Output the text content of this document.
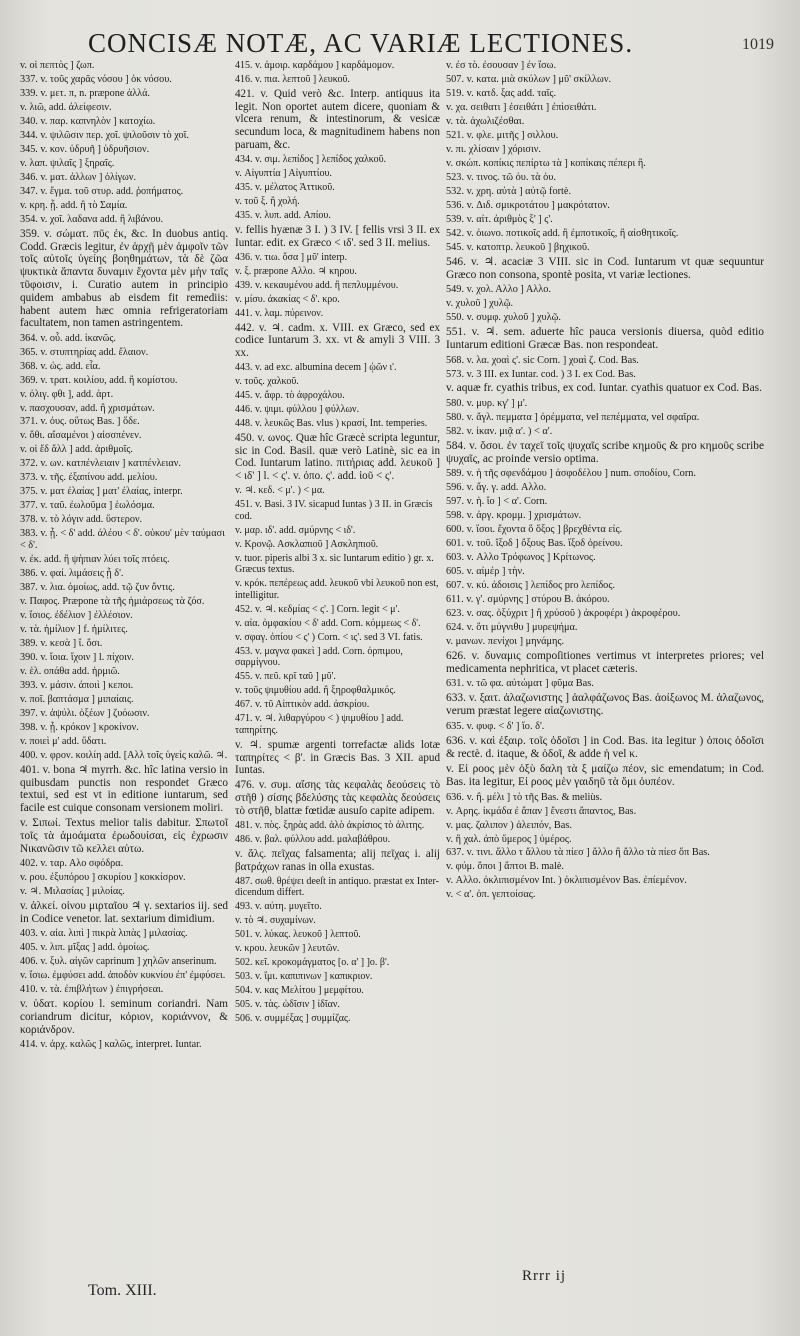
CONCISÆ NOTÆ, AC VARIÆ LECTIONES.	1019

v. οἱ πεπτὸς ] ζωπ.

337. v. τοῦς χαρᾶς νόσου ] ὁκ νόσου.

339. v. μετ. π, n. præpone ἀλλά.

v. λιῶ, add. ἀλείφεσιν.

340. v. παρ. καπνηλὸν ] κατοχίω.

344. v. ψιλῶσιν περ. χοῖ. ψιλοῦσιν τὸ χοῖ.

345. v. κον. ὑδρυῆ ] ὑδρυῆσιον.

v. λαπ. ψιλαῖς ] ξηραῖς.

346. v. ματ. ἀλλων ] ὀλίγων.

347. v. ἔγμα. τοῦ στυρ. add. ῥοπήματος.

v. κρη. ᾖ. add. ἢ τὸ Σαμία.

354. v. χοῖ. λαδανα add. ἢ λιβάνου.

359. v. σώματ. πῦς ἐκ, &c. In duobus antiq. Codd. Græcis legitur, ἐν ἀρχῇ μὲν ἀμφοῖν τῶν τοῖς αὐτοῖς ὑγείης βοηθημάτων, τὰ δὲ ζῶα ψυκτικὰ ἅπαντα δυναμιν ἔχοντα μὲν μὴν ταῖς τῦφοισιν, i. Curatio autem in principio quidem ambabus ab eisdem fit remediis: habent autem hæc omnia refrigeratoriam facultatem, non tamen astringentem.

364. v. οὗ. add. ἱκανῶς.

365. v. στυπτηρίας add. ἔλαιον.

368. v. ὡς. add. εἶα.

369. v. τρατ. κοιλίου, add. ἢ κομίστου.

v. ὀλιγ. φθι ], add. ἀρτ.

v. πασχουσαν, add. ἢ χρισμάτων.

371. v. ὀυς. οὕτως Bas. ] ὅδε.

v. ὅθι. αἴσαμένοι ) αἰσσπένεν.

v. οἱ ἔδ ἄλλ ] add. ἀριθμοῖς.

372. v. ων. κατπένλειαιν ] κατπένλειαν.

373. v. τῆς. ἐξαπίνου add. μελίου.

375. v. ματ ἐλαίας ] ματ' ἐλαίας, interpr.

377. v. ταῦ. ἐωλοῦμα ] ἑωλόσμα.

378. v. τὸ λόγιν add. ὕστερον.

383. v. ᾖ. < δ' add. ἀλέου < δ'. οὐκου' μὲν ταύμασι < δ'.

v. ἐκ. add. ἢ ψὴπιαν λύει τοῖς πτόεις.

386. v. φαί. λιμάσεις ᾗ δ'.

387. v. λια. ὁμοίως, add. τῷ ζυν ὄντις.

v. Παφος. Præpone τὰ τῆς ἡμιάρσεως τὰ ζόσ.

v. ἴσιος. ἐδέλιον ] ἐλλέσιον.

v. τὰ. ἡμίλιον ] f. ἡμίλιτες.

389. v. κεσὰ ] ἴ. ὅσι.

390. v. ἴοια. ἴχοιν ] l. πίχοιν.

v. ἑλ. οπάθα add. ἡρμιῶ.

393. v. μάσιν. ἀποιὶ ] κεποι.

v. ποῖ. βαπτάσμα ] μιπαίαις.

397. v. ἀψύλι. ὀξέων ] ζυόωσιν.

398. v. ᾖ. κρόκον ] κροκίνον.

v. ποιεὶ μ' add. ὕδατι.

400. v. φρον. κοιλίη add. [Αλλ τοῖς ὑγείς καλῶ. ♃.

401. v. bona ♃ myrrh. &c. hîc latina versio in quibusdam punctis non respondet Græco textui, sed est vt in editione iuntarum, sed facile est cuique consonam versionem moliri.

v. Σιπωί. Textus melior talis dabitur. Σπωτοῖ τοῖς τὰ ἀμοάματα ἐρωδουίσαι, εἰς ἐχρωσιν Νικανῶσιν τῶ κελλει αὐτω.

402. v. ταρ. Αλο σφόδρα.

v. ρου. ἐξυπόρου ] σκυρίου ] κοκκίσρον.

v. ♃. Μιλασίας ] μιλοίας.

v. ἀλκεί. οἰνου μιρταῖου ♃ γ. sextarios iij. sed in Codice venetor. lat. sextarium dimidium.

403. v. αἰα. λιπὶ ] πικρὰ λιπὰς ] μιλασίας.

405. v. λιπ. μῖξας ] add. ὁμοίως.

406. v. ξυλ. αἰγῶν caprinum ] χηλῶν anserinum.

v. ἴσιω. ἐμφύσει add. ἀποδὸν κυκνίου ἐπ' ἐμφύσει.

410. v. τὰ. ἐπιβλήτων ) ἐπιγρήσεαι.

v. ὑδατ. κορίου l. seminum coriandri. Nam coriandrum dicitur, κόριον, κοριάννον, & κοριάνδρον.

414. v. ἀρχ. καλῶς ] καλῶς, interpret. Iuntar.

415. v. ἀμοιρ. καρδάμου ] καρδάμομον.

416. v. πια. λεπτοῦ ] λευκοῦ.

421. v. Quid verò &c. Interp. antiquus ita legit. Non oportet autem dicere, quoniam & vlcera renum, & intestinorum, & vesicæ secundum loca, & magnitudinem habens non paruam, &c.

434. v. σιμ. λεπίδος ] λεπίδος χαλκοῦ.

v. Αἰγυπτία ] Αἰγυπτίου.

435. v. μέλατος Ἀττικοῦ.

v. τοῦ ξ. ἢ χολή.

435. v. λυπ. add. Απίου.

v. fellis hyænæ 3 I. ) 3 IV. [ fellis vrsi 3 II. ex Iuntar. edit. ex Græco < ιδ'. sed 3 II. melius.

436. v. τιω. ὅσα ] μῦ' interp.

v. ξ. præpone Αλλο. ♃ κηρου.

439. v. κεκαυμένου add. ἢ πεπλυμμένου.

v. μίσυ. ἀκακίας < δ'. κρο.

441. v. λαμ. πύρεινον.

442. v. ♃. cadm. x. VIII. ex Græco, sed ex codice Iuntarum 3. xx. vt & amyli 3 VIII. 3 xx.

443. v. ad exc. albumina decem ] ᾠῶν ι'.

v. τοῦς. χαλκοῦ.

445. v. ἄφρ. τὸ ἀφροχάλου.

446. v. ψιμι. φύλλου ] φύλλων.

448. v. λευκῶς Bas. vlus ) κρασί, Int. temperies.

450. v. ωνος. Quæ hîc Græcè scripta leguntur, sic in Cod. Basil. quæ verò Latinè, sic ea in Cod. Iuntarum latino. πιτήριας add. λευκοῦ ] < ιδ' ] l. < ς'. v. ὀπο. ς'. add. ἰοῦ < ς'.

v. ♃. κεδ. < μ'. ) < μα.

451. v. Basi. 3 IV. sicapud Iuntas ) 3 II. in Græcis cod.

v. μαρ. ιδ'. add. σμύρνης < ιδ'.

v. Κρονῷ. Ασκλαπιοῦ ] Ασκληπιοῦ.

v. tuor. piperis albi 3 x. sic Iuntarum editio ) gr. x. Græcus textus.

v. κρόκ. πεπέρεως add. λευκοῦ vbi λευκοῦ non est, intelligitur.

452. v. ♃. κεδμίας < ς'. ] Corn. legit < μ'.

v. αἰα. ὀμφακίου < δ' add. Corn. κόμμεως < δ'.

v. σφαγ. ὀπίου < ς' ) Corn. < ις'. sed 3 VI. fatis.

453. v. μαγνα φακεὶ ] add. Corn. ὀρπιμου, σαρμίγνου.

455. v. πεῦ. κρῖ ταῦ ] μῦ'.

v. τοῦς ψιμυθίου add. ἢ ξηροφθαλμικός.

467. v. τῦ Αἰπτικὸν add. ἀσκρίου.

471. v. ♃. λιθαργύρου < ) ψιμυθίου ] add. ταπηρίτης.

v. ♃. spumæ argenti torrefactæ alids lotæ ταπηρίτες < β'. in Græcis Bas. 3 XII. apud Iuntas.

476. v. συμ. αἴσης τὰς κεφαλὰς δεούσεις τὸ στῆθ ) σίσης βδελύσης τὰς κεφαλὰς δεούσεις τὸ στῆθ, blattæ fœtidæ ausuſo capite adipem.

481. v. πὸς. ξηρὰς add. ἀλὸ ἀκρίσιος τὸ ἀλιτης.

486. v. βαλ. φύλλου add. μαλαβάθρου.

v. ἄλς. πεῖχας falsamenta; alij πεῖχας i. alij βατράχων ranas in olla exustas.

487. σωθ. θρέψει deeſt in antiquo. præstat ex Inter-dicendum differt.

493. v. αὐτη. μυγεῖτο.

v. τὸ ♃. συχαμίνων.

501. v. λύκας. λευκοῦ ] λεπτοῦ.

v. κρου. λευκῶν ] λευτῶν.

502. κεῖ. κροκομάγματος [ο. α' ] ]ο. β'.

503. v. ἴμι. καπιπινων ] καπικριον.

504. v. κας Μελίτου ] μεμφίτου.

505. v. τὰς. ὠδῖσιν ] ἰδῖαν.

506. v. συμμέξας ] συμμίζας.

v. ἐσ τὸ. ἐσουσαν ] ἐν ἴσω.

507. v. κατα. μιὰ σκύλων ] μῦ' σκίλλων.

519. v. κατδ. ξας add. ταῖς.

v. χα. σειθατι ] ἐσειθάτι ] ἐπὶσειθάτι.

v. τὰ. ἀχωλιζέσθαι.

521. v. φλε. μιτῆς ] σιλλου.

v. πι. χλίσαιν ] χόρισιν.

v. σκώπ. κοπίκις πεπίρτω τὰ ] κοπίκαις πέπερι ἢ.

523. v. τινος. τῶ ὀυ. τὰ ὀυ.

532. v. χρη. αὐτὰ ] αὐτῷ fortè.

536. v. Διδ. σμικροτάτου ] μακρότατον.

539. v. αἰτ. ἀριθμὸς ξ' ] ς'.

542. v. ὀιωνο. ποτικοῖς add. ἢ ἐμποτικοῖς, ἢ αἰσθητικοῖς.

545. v. κατοπτρ. λευκοῦ ] βηχικοῦ.

546. v. ♃. acaciæ 3 VIII. sic in Cod. Iuntarum vt quæ sequuntur Græco non consona, spontè posita, vt variæ lectiones.

549. v. χολ. Αλλο ] Αλλο.

v. χυλοῦ ] χυλῷ.

550. v. συμφ. χυλοῦ ] χυλῷ.

551. v. ♃. sem. aduerte hîc pauca versionis diuersa, quòd editio Iuntarum editioni Græcæ Bas. non respondeat.

568. v. λα. χοαὶ ς'. sic Corn. ] χοαὶ ζ. Cod. Bas.

573. v. 3 III. ex Iuntar. cod. ) 3 I. ex Cod. Bas.

v. aquæ fr. cyathis tribus, ex cod. Iuntar. cyathis quatuor ex Cod. Bas.

580. v. μυρ. κγ' ] μ'.

580. v. ἄγλ. πεμματα ] ὀρέμματα, vel πεπέμματα, vel σφαῖρα.

582. v. ἰκαν. μιᾷ α'. ) < α'.

584. v. ὄσοι. ἐν ταχεῖ τοῖς ψυχαῖς scribe κημοῦς & pro κημοῦς scribe ψυχαῖς, ac proinde versio optima.

589. v. ἡ τῆς σφενδάμου ] ἀσφοδέλου ] num. σποδίου, Corn.

596. v. ἄγ. γ. add. Αλλο.

597. v. ἡ. ἴο ] < α'. Corn.

598. v. ἀργ. κρομμ. ] χρισμάτων.

600. v. ἴσοι. ἔχοντα ὅ ὅξος ] βρεχθέντα εἰς.

601. v. τοῦ. ἴξοδ ] ὄξους Bas. ἴξοδ ὀρείνου.

603. v. Αλλο Τρόφωνος ] Κρίτωνος.

605. v. αἰμέρ ] τὴν.

607. v. κύ. ἀδοισις ] λεπίδος pro λεπίδος.

611. v. γ'. σμύρνης ] στύρου B. ἀκόρου.

623. v. σας. ὀξύχριτ ] ἢ χρύσοῦ ) ἀκροφέρι ) ἀκροφέρου.

624. v. ὅτι μύγνιθυ ] μυρεψήμα.

v. μανων. πενίχοι ] μηνάμης.

626. v. δυναμις compoſitiones vertimus vt interpretes priores; vel medicamenta nephritica, vt placet cæteris.

631. v. τῶ φα. αὐτώματ ] φῦμα Bas.

633. v. ξαιτ. ἀλαζωνιστης ] ἀαλφάζωνος Bas. ἀοίξωνος M. ἀλαζωνος, verum præstat legere αἰαζωνιστης.

635. v. φυφ. < δ' ] ἴο. δ'.

636. v. καὶ ἐξαιρ. τοῖς ὀδοῖσι ] in Cod. Bas. ita legitur ) ὀποις ὀδοῖσι & rectè. d. itaque, & ὀδοῖ, & adde ἡ vel κ.

v. Εἰ ροος μὲν ὀξὺ δαλη τὰ ξ μαίζω πέον, sic emendatum; in Cod. Bas. ita legitur, Εἰ ροος μὲν γαιδηῦ τὰ ὅμι ὀυπέον.

636. v. ἢ. μέλι ] τὸ τῆς Bas. & meliùs.

v. Αρης. ἰκμάδα ἐ ἄπαν ] ἔνεστι ἄπαντος, Bas.

v. μας. ζαλιπον ) ἀλειπόν, Bas.

v. ἢ χαλ. ἀπὸ ὕμερος ] ὑμέρος.

637. v. τινι. ἄλλο τ ἄλλου τὰ πίεσ ] ἄλλο ἢ ἄλλο τὰ πίεσ ὅπ Bas.

v. φύμ. ὄποι ] ἄπτοι B. malè.

v. Αλλο. ὀκλιπισμένον Int. ) ὀκλιπισμένον Bas. ἐπίεμένον.

v. < α'. ὀπ. γεπτοίσας.

Tom. XIII.
Rrrr ij
